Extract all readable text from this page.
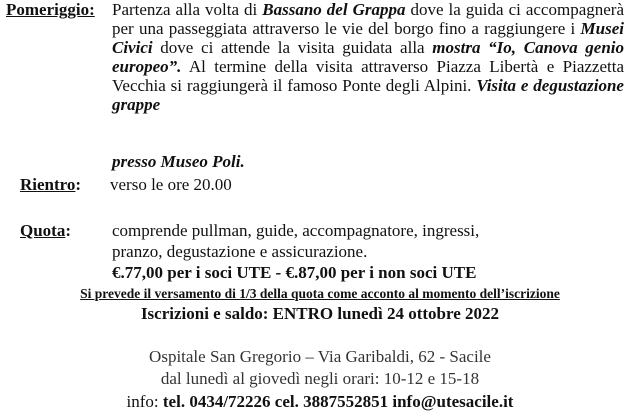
Pomeriggio: Partenza alla volta di Bassano del Grappa dove la guida ci accompagnerà per una passeggiata attraverso le vie del borgo fino a raggiungere i Musei Civici dove ci attende la visita guidata alla mostra “Io, Canova genio europeo”. Al termine della visita attraverso Piazza Libertà e Piazzetta Vecchia si raggiungerà il famoso Ponte degli Alpini. Visita e degustazione grappe
presso Museo Poli.
Rientro: verso le ore 20.00
Quota: comprende pullman, guide, accompagnatore, ingressi,
pranzo, degustazione e assicurazione.
€.77,00 per i soci UTE - €.87,00 per i non soci UTE
Si prevede il versamento di 1/3 della quota come acconto al momento dell’iscrizione
Iscrizioni e saldo: ENTRO lunedì 24 ottobre 2022
Ospitale San Gregorio – Via Garibaldi, 62 - Sacile
dal lunedì al giovedì negli orari: 10-12 e 15-18
info: tel. 0434/72226 cel. 3887552851 info@utesacile.it
